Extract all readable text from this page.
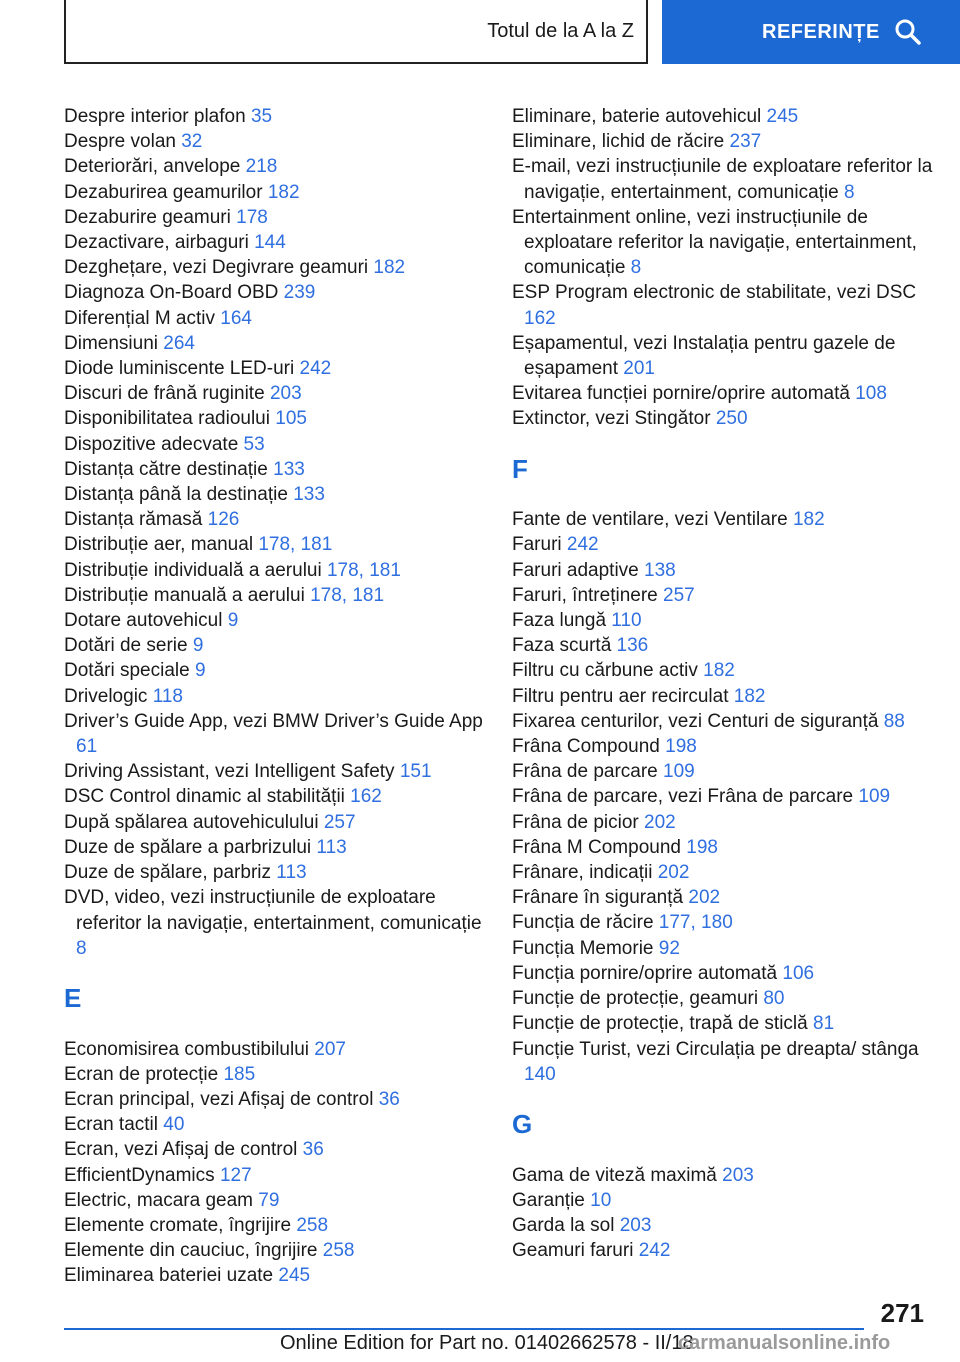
Totul de la A la Z	REFERINȚE
Despre interior plafon 35
Despre volan 32
Deteriorări, anvelope 218
Dezaburirea geamurilor 182
Dezaburire geamuri 178
Dezactivare, airbaguri 144
Dezghețare, vezi Degivrare geamuri 182
Diagnoza On-Board OBD 239
Diferențial M activ 164
Dimensiuni 264
Diode luminiscente LED-uri 242
Discuri de frână ruginite 203
Disponibilitatea radioului 105
Dispozitive adecvate 53
Distanța către destinație 133
Distanța până la destinație 133
Distanța rămasă 126
Distribuție aer, manual 178, 181
Distribuție individuală a aerului 178, 181
Distribuție manuală a aerului 178, 181
Dotare autovehicul 9
Dotări de serie 9
Dotări speciale 9
Drivelogic 118
Driver’s Guide App, vezi BMW Driver’s Guide App 61
Driving Assistant, vezi Intelligent Safety 151
DSC Control dinamic al stabilității 162
După spălarea autovehiculului 257
Duze de spălare a parbrizului 113
Duze de spălare, parbriz 113
DVD, video, vezi instrucțiunile de exploatare referitor la navigație, entertainment, comunicație 8
E
Economisirea combustibilului 207
Ecran de protecție 185
Ecran principal, vezi Afișaj de control 36
Ecran tactil 40
Ecran, vezi Afișaj de control 36
EfficientDynamics 127
Electric, macara geam 79
Elemente cromate, îngrijire 258
Elemente din cauciuc, îngrijire 258
Eliminarea bateriei uzate 245
Eliminare, baterie autovehicul 245
Eliminare, lichid de răcire 237
E-mail, vezi instrucțiunile de exploatare referitor la navigație, entertainment, comunicație 8
Entertainment online, vezi instrucțiunile de exploatare referitor la navigație, entertainment, comunicație 8
ESP Program electronic de stabilitate, vezi DSC 162
Eșapamentul, vezi Instalația pentru gazele de eșapament 201
Evitarea funcției pornire/oprire automată 108
Extinctor, vezi Stingător 250
F
Fante de ventilare, vezi Ventilare 182
Faruri 242
Faruri adaptive 138
Faruri, întreținere 257
Faza lungă 110
Faza scurtă 136
Filtru cu cărbune activ 182
Filtru pentru aer recirculat 182
Fixarea centurilor, vezi Centuri de siguranță 88
Frâna Compound 198
Frâna de parcare 109
Frâna de parcare, vezi Frâna de parcare 109
Frâna de picior 202
Frâna M Compound 198
Frânare, indicații 202
Frânare în siguranță 202
Funcția de răcire 177, 180
Funcția Memorie 92
Funcția pornire/oprire automată 106
Funcție de protecție, geamuri 80
Funcție de protecție, trapă de sticlă 81
Funcție Turist, vezi Circulația pe dreapta/ stânga 140
G
Gama de viteză maximă 203
Garanție 10
Garda la sol 203
Geamuri faruri 242
271
Online Edition for Part no. 01402662578 - II/18
carmanualsonline.info
